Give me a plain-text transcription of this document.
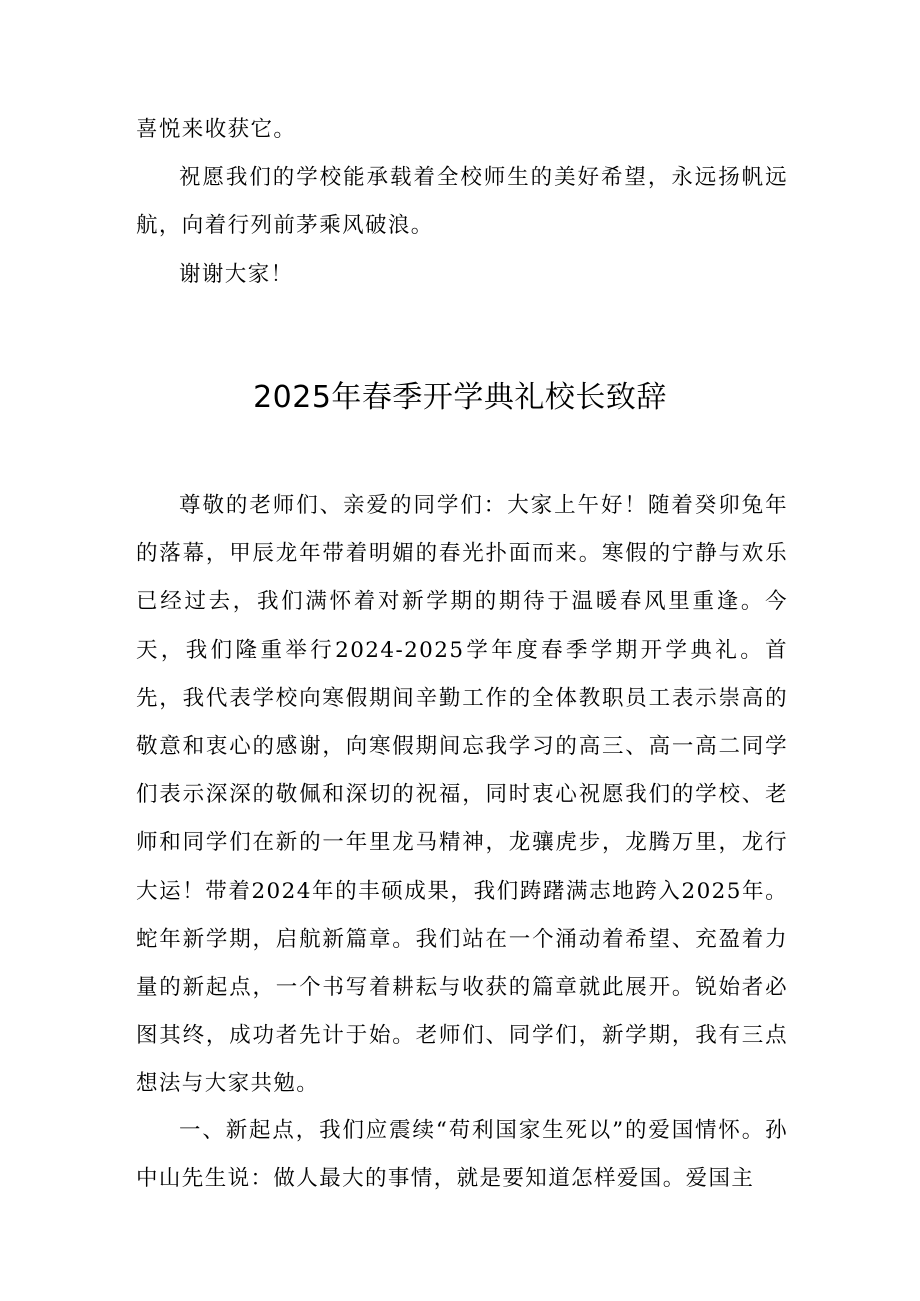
喜悦来收获它。

祝愿我们的学校能承载着全校师生的美好希望，永远扬帆远航，向着行列前茅乘风破浪。

谢谢大家！

2025年春季开学典礼校长致辞

尊敬的老师们、亲爱的同学们：大家上午好！随着癸卯兔年的落幕，甲辰龙年带着明媚的春光扑面而来。寒假的宁静与欢乐已经过去，我们满怀着对新学期的期待于温暖春风里重逢。今天，我们隆重举行2024-2025学年度春季学期开学典礼。首先，我代表学校向寒假期间辛勤工作的全体教职员工表示崇高的敬意和衷心的感谢，向寒假期间忘我学习的高三、高一高二同学们表示深深的敬佩和深切的祝福，同时衷心祝愿我们的学校、老师和同学们在新的一年里龙马精神，龙骧虎步，龙腾万里，龙行大运！带着2024年的丰硕成果，我们踌躇满志地跨入2025年。蛇年新学期，启航新篇章。我们站在一个涌动着希望、充盈着力量的新起点，一个书写着耕耘与收获的篇章就此展开。锐始者必图其终，成功者先计于始。老师们、同学们，新学期，我有三点想法与大家共勉。

一、新起点，我们应震续“苟利国家生死以”的爱国情怀。孙中山先生说：做人最大的事情，就是要知道怎样爱国。爱国主
